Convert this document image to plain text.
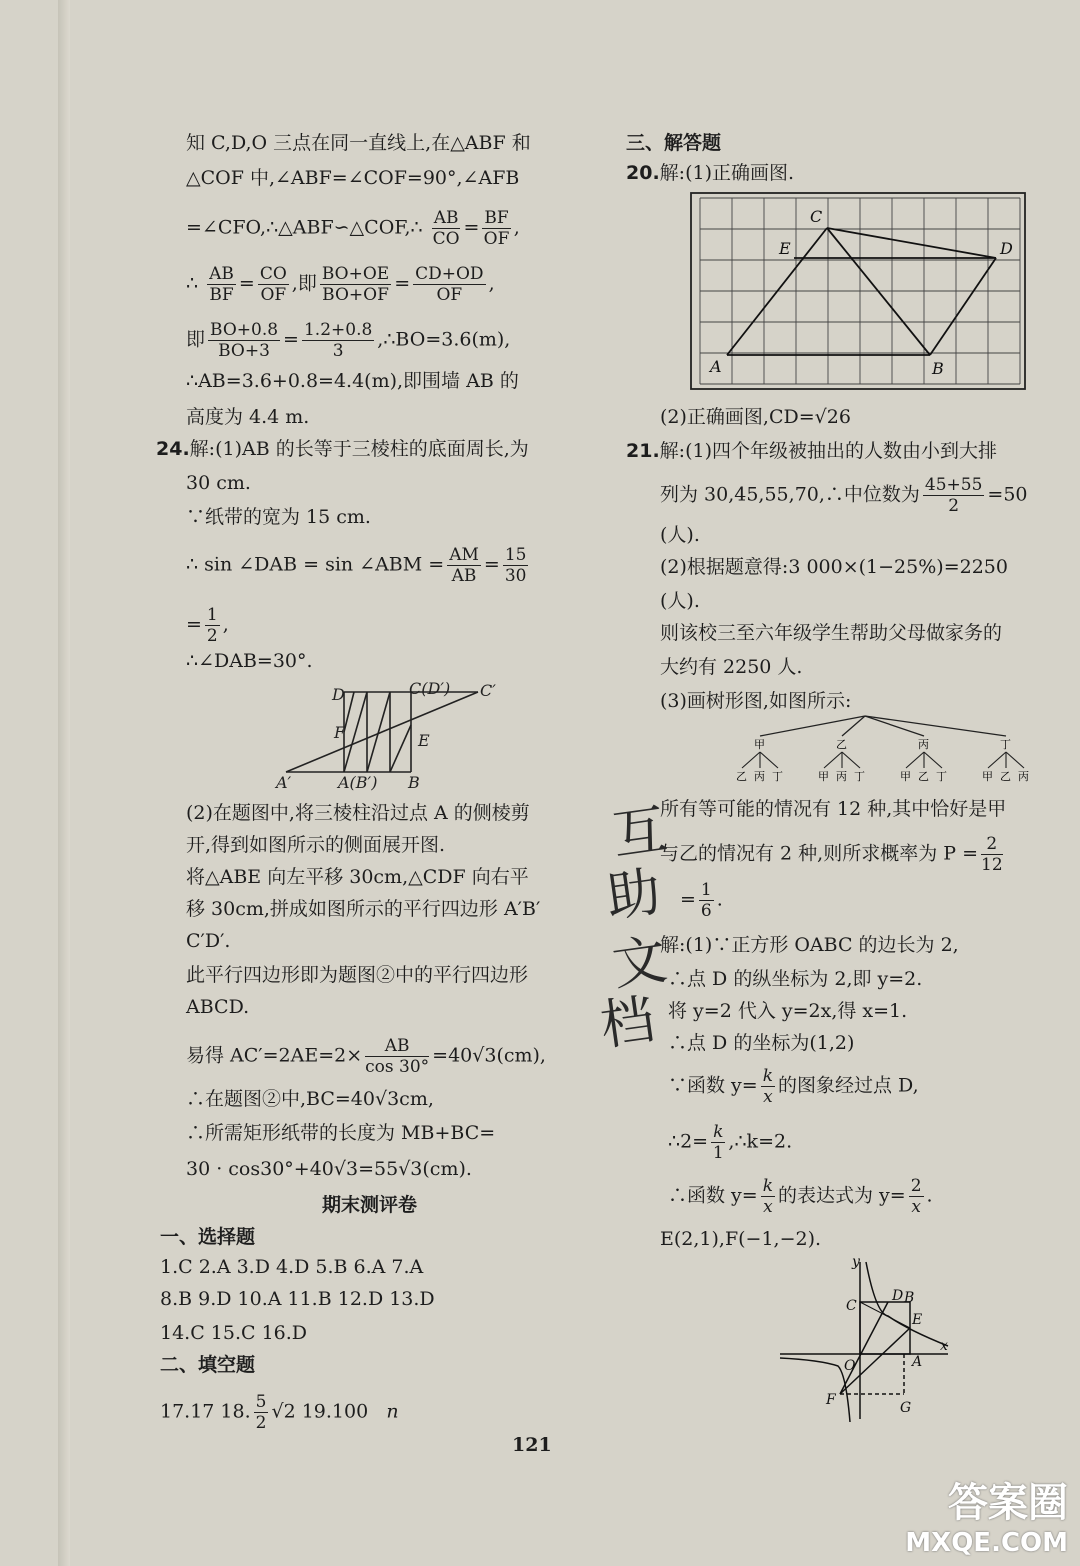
知 C,D,O 三点在同一直线上,在△ABF 和
△COF 中,∠ABF=∠COF=90°,∠AFB
=∠CFO,∴△ABF∽△COF,∴ $\frac{AB}{CO} = \frac{BF}{OF}$ ,
∴ $\frac{AB}{BF} = \frac{CO}{OF}$ ,即 $\frac{BO+OE}{BO+OF} = \frac{CD+OD}{OF}$ ,
即 $\frac{BO+0.8}{BO+3} = \frac{1.2+0.8}{3}$ ,∴BO=3.6(m),
∴AB=3.6+0.8=4.4(m),即围墙 AB 的
高度为 4.4 m.
24.解:(1)AB 的长等于三棱柱的底面周长,为
30 cm.
∵纸带的宽为 15 cm.
∴ sin ∠DAB = sin ∠ABM = $\frac{AM}{AB} = \frac{15}{30}$
= $\frac{1}{2}$ ,
∴∠DAB=30°.
D	C(D′) C′
F	E
A′	A(B′) B
(2)在题图中,将三棱柱沿过点 A 的侧棱剪
开,得到如图所示的侧面展开图.
将△ABE 向左平移 30cm,△CDF 向右平
移 30cm,拼成如图所示的平行四边形 A′B′
C′D′.
此平行四边形即为题图②中的平行四边形
ABCD.
易得 $AC'=2AE=2\times \frac{AB}{\cos 30^\circ} =40√3(cm)$,
∴在题图②中,BC=40√3cm,
∴所需矩形纸带的长度为 MB+BC=
30 · cos30°+40√3=55√3(cm).
期末测评卷
一、选择题
1.C 2.A 3.D 4.D 5.B 6.A 7.A
8.B 9.D 10.A 11.B 12.D 13.D
14.C 15.C 16.D
二、填空题
17.17 18. $\frac{5}{2} √2$ 19.100 n
三、解答题
20.解:(1)正确画图.
C
E	D
A	B
(2)正确画图,CD=√26
21.解:(1)四个年级被抽出的人数由小到大排
列为 30,45,55,70,∴中位数为 $\frac{45+55}{2} =50$
(人).
(2)根据题意得:3 000×(1−25%)=2250
(人).
则该校三至六年级学生帮助父母做家务的
大约有 2250 人.
(3)画树形图,如图所示:
甲
乙 丙 丁
乙
甲 丙 丁
丙
甲 乙 丁
丁
甲 乙 丙
所有等可能的情况有 12 种,其中恰好是甲
与乙的情况有 2 种,则所求概率为 $P = \frac{2}{12}$
= $\frac{1}{6}$ .
解:(1)∵正方形 OABC 的边长为 2,
∴点 D 的纵坐标为 2,即 y=2.
将 y=2 代入 y=2x,得 x=1.
∴点 D 的坐标为(1,2)
∵函数 $y= \frac{k}{x}$ 的图象经过点 D,
∴2= $\frac{k}{1}$ ,∴k=2.
∴函数 $y= \frac{k}{x}$ 的表达式为 $y= \frac{2}{x}$ .
E(2,1),F(−1,−2).
y
x
O
C
D B
E
A
F	G
121
互
助
文
档
答案圈
MXQE.COM
